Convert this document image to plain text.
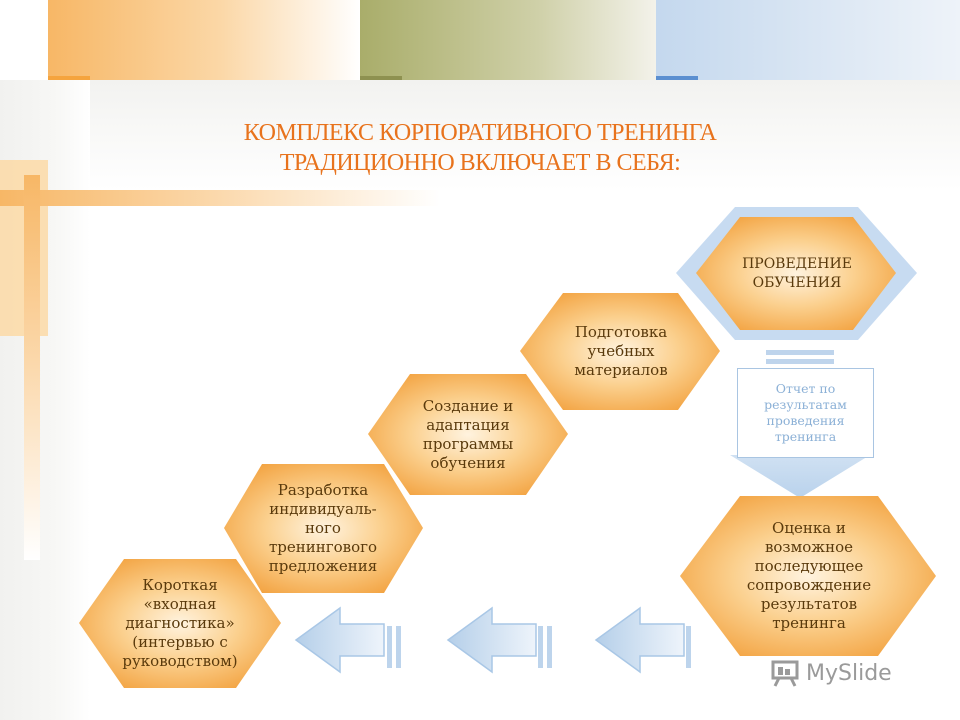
КОМПЛЕКС КОРПОРАТИВНОГО ТРЕНИНГА
ТРАДИЦИОННО ВКЛЮЧАЕТ В СЕБЯ:
Короткая
«входная
диагностика»
(интервью с
руководством)
Разработка
индивидуаль-
ного
тренингового
предложения
Создание и
адаптация
программы
обучения
Подготовка
учебных
материалов
ПРОВЕДЕНИЕ
ОБУЧЕНИЯ
Оценка и
возможное
последующее
сопровождение
результатов
тренинга
Отчет по
результатам
проведения
тренинга
MySlide
